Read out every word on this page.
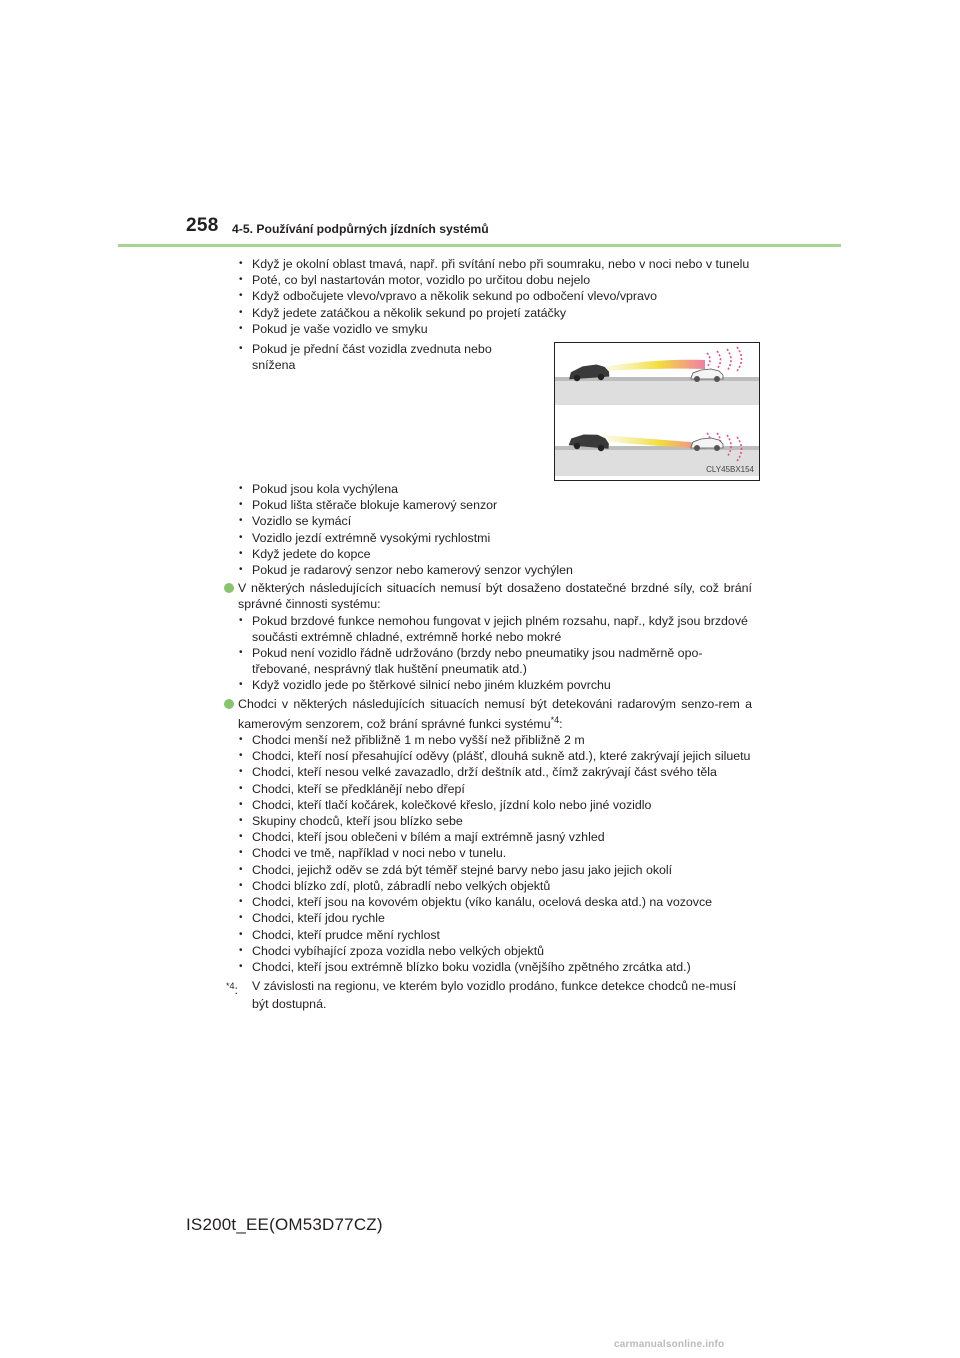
258 4-5. Používání podpůrných jízdních systémů
• Když je okolní oblast tmavá, např. při svítání nebo při soumraku, nebo v noci nebo v tunelu
• Poté, co byl nastartován motor, vozidlo po určitou dobu nejelo
• Když odbočujete vlevo/vpravo a několik sekund po odbočení vlevo/vpravo
• Když jedete zatáčkou a několik sekund po projetí zatáčky
• Pokud je vaše vozidlo ve smyku
• Pokud je přední část vozidla zvednuta nebo snížena
CLY45BX154
• Pokud jsou kola vychýlena
• Pokud lišta stěrače blokuje kamerový senzor
• Vozidlo se kymácí
• Vozidlo jezdí extrémně vysokými rychlostmi
• Když jedete do kopce
• Pokud je radarový senzor nebo kamerový senzor vychýlen
V některých následujících situacích nemusí být dosaženo dostatečné brzdné síly, což brání správné činnosti systému:
• Pokud brzdové funkce nemohou fungovat v jejich plném rozsahu, např., když jsou brzdové součásti extrémně chladné, extrémně horké nebo mokré
• Pokud není vozidlo řádně udržováno (brzdy nebo pneumatiky jsou nadměrně opo-třebované, nesprávný tlak huštění pneumatik atd.)
• Když vozidlo jede po štěrkové silnicí nebo jiném kluzkém povrchu
Chodci v některých následujících situacích nemusí být detekováni radarovým senzo-rem a kamerovým senzorem, což brání správné funkci systému$^{*4}$:
• Chodci menší než přibližně 1 m nebo vyšší než přibližně 2 m
• Chodci, kteří nosí přesahující oděvy (plášť, dlouhá sukně atd.), které zakrývají jejich siluetu
• Chodci, kteří nesou velké zavazadlo, drží deštník atd., čímž zakrývají část svého těla
• Chodci, kteří se předklánějí nebo dřepí
• Chodci, kteří tlačí kočárek, kolečkové křeslo, jízdní kolo nebo jiné vozidlo
• Skupiny chodců, kteří jsou blízko sebe
• Chodci, kteří jsou oblečeni v bílém a mají extrémně jasný vzhled
• Chodci ve tmě, například v noci nebo v tunelu.
• Chodci, jejichž oděv se zdá být téměř stejné barvy nebo jasu jako jejich okolí
• Chodci blízko zdí, plotů, zábradlí nebo velkých objektů
• Chodci, kteří jsou na kovovém objektu (víko kanálu, ocelová deska atd.) na vozovce
• Chodci, kteří jdou rychle
• Chodci, kteří prudce mění rychlost
• Chodci vybíhající zpoza vozidla nebo velkých objektů
• Chodci, kteří jsou extrémně blízko boku vozidla (vnějšího zpětného zrcátka atd.)
$^{*4}$: V závislosti na regionu, ve kterém bylo vozidlo prodáno, funkce detekce chodců ne-musí být dostupná.
IS200t_EE(OM53D77CZ)
carmanualsonline.info
